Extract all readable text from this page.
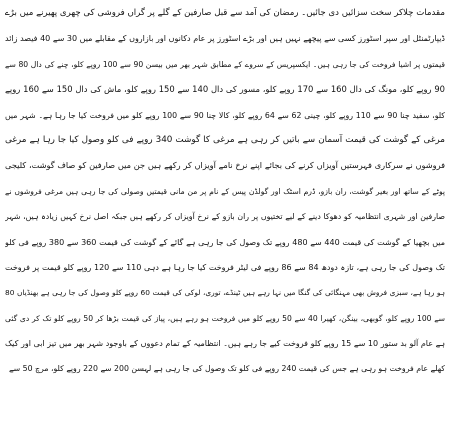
مقدمات چلاکر سخت سزائیں دی جائیں۔ رمضان کی آمد سے قبل صارفین کے گلے پر گراں فروشی کی چھری پھیرنے میں بڑے
ڈیپارٹمنٹل اور سپر اسٹورز کسی سے پیچھے نہیں ہیں اور بڑے اسٹورز پر عام دکانوں اور بازاروں کے مقابلے میں 30 سے 40 فیصد زائد
قیمتوں پر اشیا فروخت کی جا رہی ہیں۔ ایکسپریس کے سروے کے مطابق شہر بھر میں بیسن 90 سے 100 روپے کلو، چنے کی دال 80 سے
90 روپے کلو، مونگ کی دال 160 سے 170 روپے کلو، مسور کی دال 140 سے 150 روپے کلو، ماش کی دال 150 سے 160 روپے
کلو، سفید چنا 90 سے 110 روپے کلو، چینی 62 سے 64 روپے کلو، کالا چنا 90 سے 100 روپے کلو میں فروخت کیا جا رہا ہے۔ شہر میں
مرغی کے گوشت کی قیمت آسمان سے باتیں کر رہی ہے مرغی کا گوشت 340 روپے فی کلو وصول کیا جا رہا ہے مرغی
فروشوں نے سرکاری فہرستیں آویزاں کرنے کی بجائے اپنے نرخ نامے آویزاں کر رکھے ہیں جن میں صارفین کو صاف گوشت، کلیجی
پوٹے کے ساتھ اور بغیر گوشت، ران بازو، ڈرم اسٹک اور گولڈن پیس کے نام پر من مانی قیمتیں وصولی کی جا رہی ہیں مرغی فروشوں نے
صارفین اور شہری انتظامیہ کو دھوکا دینے کے لیے تختیوں پر ران بازو کے نرخ آویزاں کر رکھے ہیں جبکہ اصل نرخ کہیں زیادہ ہیں، شہر
میں بچھیا کے گوشت کی قیمت 440 سے 480 روپے تک وصول کی جا رہی ہے گائے کے گوشت کی قیمت 360 سے 380 روپے فی کلو
تک وصول کی جا رہی ہے، تازہ دودھ 84 سے 86 روپے فی لیٹر فروخت کیا جا رہا ہے دہی 110 سے 120 روپے کلو قیمت پر فروخت
ہو رہا ہے، سبزی فروش بھی مہنگائی کی گنگا میں نہا رہے ہیں ٹینڈے، توری، لوکی کی قیمت 60 روپے کلو وصول کی جا رہی ہے بھنڈیاں 80
سے 100 روپے کلو، گوبھی، بینگن، کھیرا 40 سے 50 روپے کلو میں فروخت ہو رہے ہیں، پیاز کی قیمت بڑھا کر 50 روپے کلو تک کر دی گئی
ہے عام آلو بد ستور 10 سے 15 روپے کلو فروخت کیے جا رہے ہیں۔ انتظامیہ کے تمام دعووں کے باوجود شہر بھر میں تیز ابی اور کیک
کھلے عام فروخت ہو رہی ہے جس کی قیمت 240 روپے فی کلو تک وصول کی جا رہی ہے لہسن 200 سے 220 روپے کلو، مرچ 50 سے
